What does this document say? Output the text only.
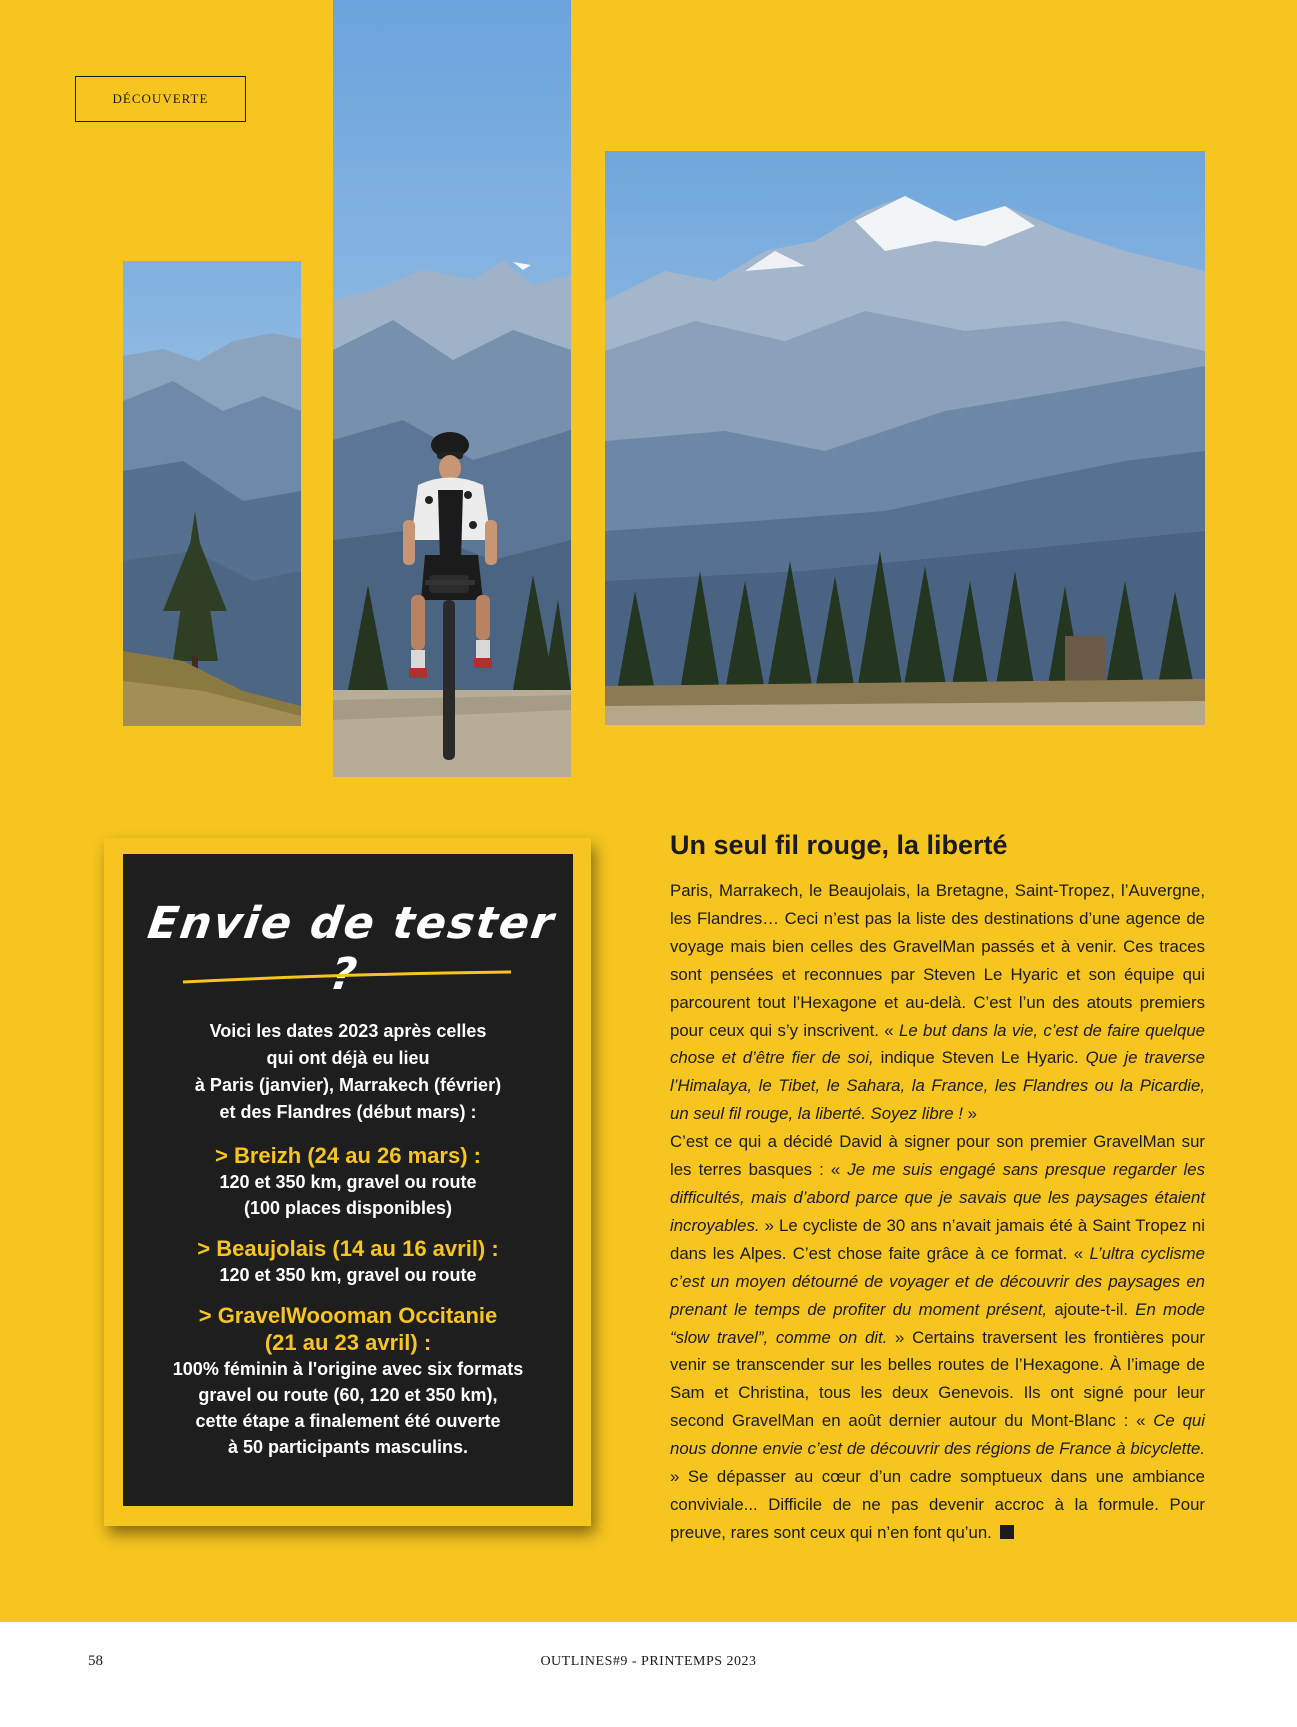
DÉCOUVERTE
Envie de tester ?
Voici les dates 2023 après celles
qui ont déjà eu lieu
à Paris (janvier), Marrakech (février)
et des Flandres (début mars) :
> Breizh (24 au 26 mars) :
120 et 350 km, gravel ou route
(100 places disponibles)
> Beaujolais (14 au 16 avril) :
120 et 350 km, gravel ou route
> GravelWoooman Occitanie
(21 au 23 avril) :
100% féminin à l'origine avec six formats
gravel ou route (60, 120 et 350 km),
cette étape a finalement été ouverte
à 50 participants masculins.
Un seul fil rouge, la liberté

Paris, Marrakech, le Beaujolais, la Bretagne, Saint-Tropez, l’Auvergne, les Flandres… Ceci n’est pas la liste des destinations d’une agence de voyage mais bien celles des GravelMan passés et à venir. Ces traces sont pensées et reconnues par Steven Le Hyaric et son équipe qui parcourent tout l’Hexagone et au-delà. C’est l’un des atouts premiers pour ceux qui s’y inscrivent. « Le but dans la vie, c’est de faire quelque chose et d’être fier de soi, indique Steven Le Hyaric. Que je traverse l’Himalaya, le Tibet, le Sahara, la France, les Flandres ou la Picardie, un seul fil rouge, la liberté. Soyez libre ! »

C’est ce qui a décidé David à signer pour son premier GravelMan sur les terres basques : « Je me suis engagé sans presque regarder les difficultés, mais d’abord parce que je savais que les paysages étaient incroyables. » Le cycliste de 30 ans n’avait jamais été à Saint Tropez ni dans les Alpes. C’est chose faite grâce à ce format. « L’ultra cyclisme c’est un moyen détourné de voyager et de découvrir des paysages en prenant le temps de profiter du moment présent, ajoute-t-il. En mode “slow travel”, comme on dit. » Certains traversent les frontières pour venir se transcender sur les belles routes de l’Hexagone. À l’image de Sam et Christina, tous les deux Genevois. Ils ont signé pour leur second GravelMan en août dernier autour du Mont-Blanc : « Ce qui nous donne envie c’est de découvrir des régions de France à bicyclette. » Se dépasser au cœur d’un cadre somptueux dans une ambiance conviviale... Difficile de ne pas devenir accroc à la formule. Pour preuve, rares sont ceux qui n’en font qu’un.

58	OUTLINES#9 - PRINTEMPS 2023
